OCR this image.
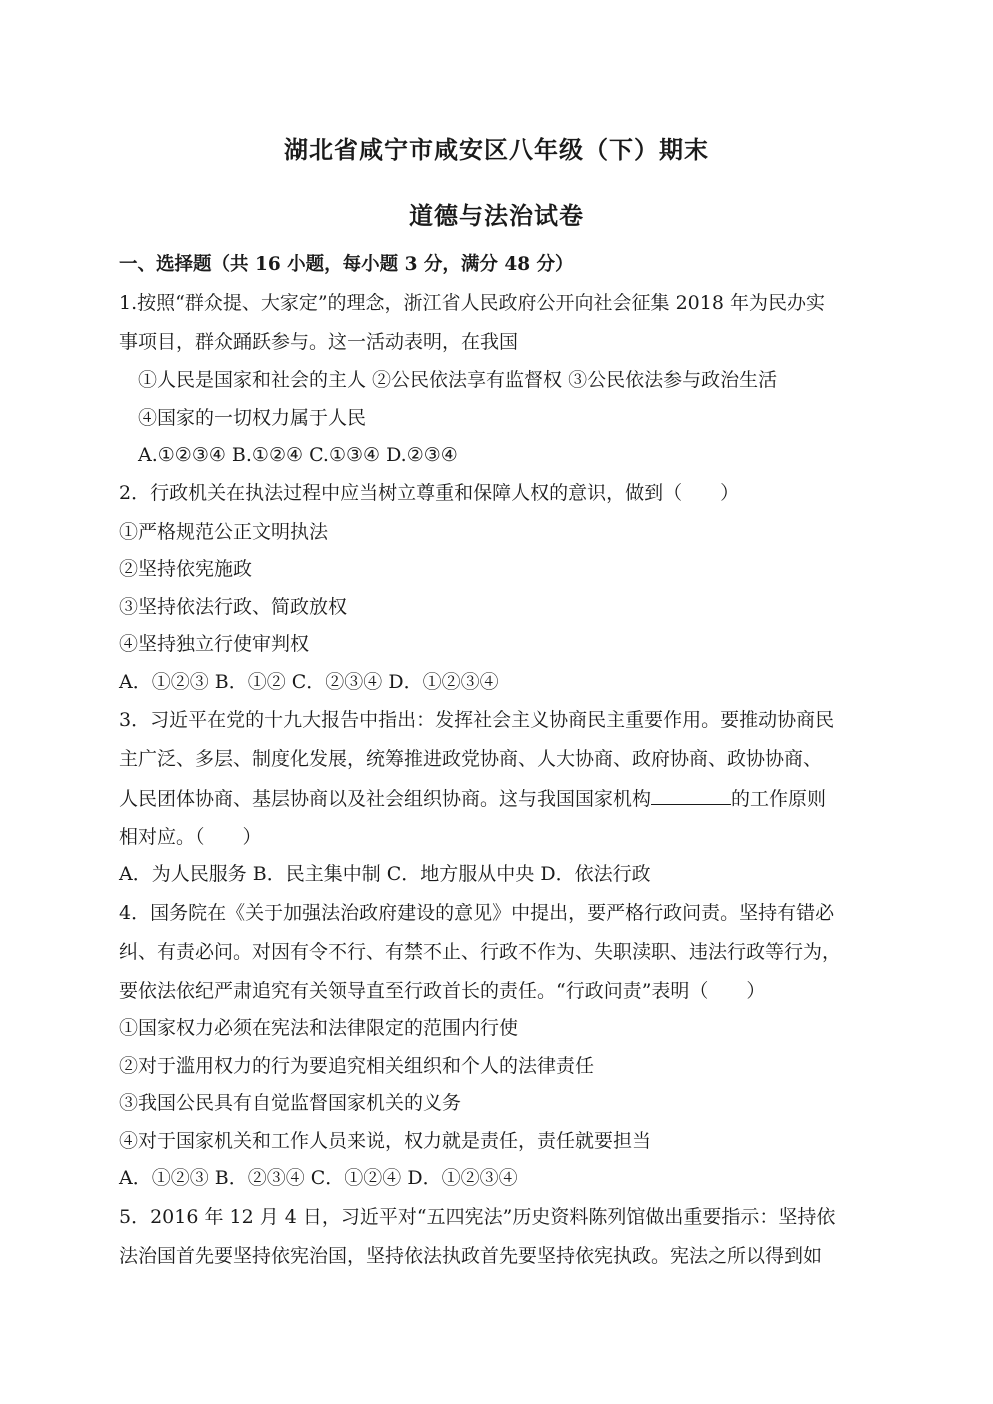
湖北省咸宁市咸安区八年级（下）期末
道德与法治试卷
一、选择题（共 16 小题，每小题 3 分，满分 48 分）
1.按照“群众提、大家定”的理念，浙江省人民政府公开向社会征集 2018 年为民办实
事项目，群众踊跃参与。这一活动表明，在我国
①人民是国家和社会的主人 ②公民依法享有监督权 ③公民依法参与政治生活
④国家的一切权力属于人民
A.①②③④ B.①②④ C.①③④ D.②③④
2．行政机关在执法过程中应当树立尊重和保障人权的意识，做到（　　）
①严格规范公正文明执法
②坚持依宪施政
③坚持依法行政、简政放权
④坚持独立行使审判权
A．①②③ B．①② C．②③④ D．①②③④
3．习近平在党的十九大报告中指出：发挥社会主义协商民主重要作用。要推动协商民
主广泛、多层、制度化发展，统筹推进政党协商、人大协商、政府协商、政协协商、
人民团体协商、基层协商以及社会组织协商。这与我国国家机构	的工作原则
相对应。（　　）
A．为人民服务 B．民主集中制 C．地方服从中央 D．依法行政
4．国务院在《关于加强法治政府建设的意见》中提出，要严格行政问责。坚持有错必
纠、有责必问。对因有令不行、有禁不止、行政不作为、失职渎职、违法行政等行为，
要依法依纪严肃追究有关领导直至行政首长的责任。“行政问责”表明（　　）
①国家权力必须在宪法和法律限定的范围内行使
②对于滥用权力的行为要追究相关组织和个人的法律责任
③我国公民具有自觉监督国家机关的义务
④对于国家机关和工作人员来说，权力就是责任，责任就要担当
A．①②③ B．②③④ C．①②④ D．①②③④
5．2016 年 12 月 4 日，习近平对“五四宪法”历史资料陈列馆做出重要指示：坚持依
法治国首先要坚持依宪治国，坚持依法执政首先要坚持依宪执政。宪法之所以得到如
